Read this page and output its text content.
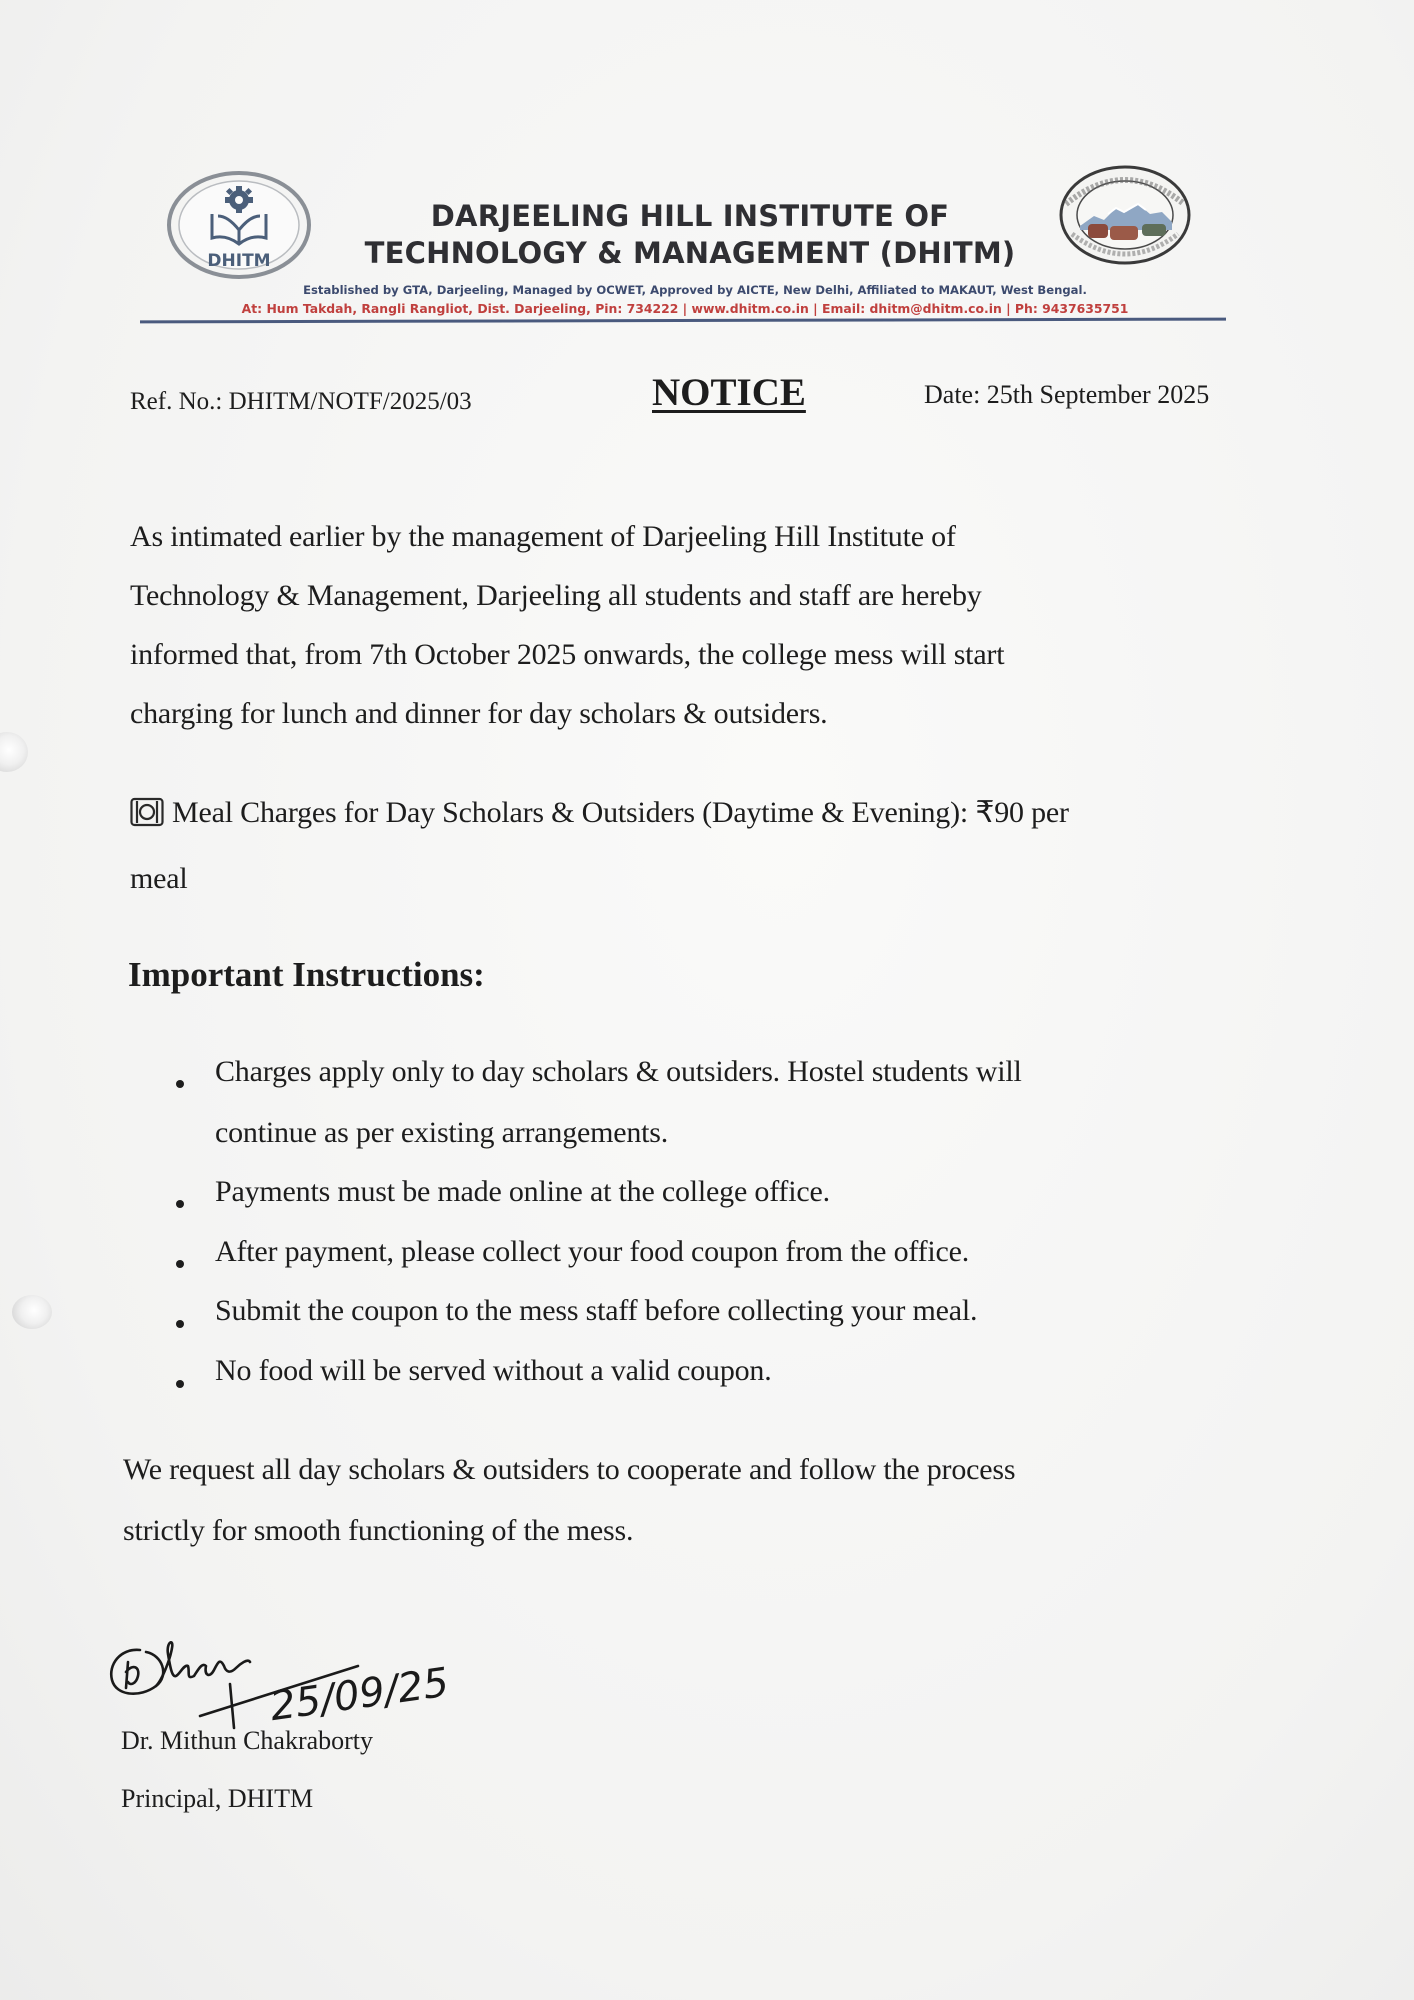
DHITM
DARJEELING HILL INSTITUTE OF
TECHNOLOGY & MANAGEMENT (DHITM)
Established by GTA, Darjeeling, Managed by OCWET, Approved by AICTE, New Delhi, Affiliated to MAKAUT, West Bengal.
At: Hum Takdah, Rangli Rangliot, Dist. Darjeeling, Pin: 734222 | www.dhitm.co.in | Email: dhitm@dhitm.co.in | Ph: 9437635751
Ref. No.: DHITM/NOTF/2025/03	NOTICE	Date: 25th September 2025
As intimated earlier by the management of Darjeeling Hill Institute of
Technology & Management, Darjeeling all students and staff are hereby
informed that, from 7th October 2025 onwards, the college mess will start
charging for lunch and dinner for day scholars & outsiders.
Meal Charges for Day Scholars & Outsiders (Daytime & Evening): ₹90 per
meal
Important Instructions:
Charges apply only to day scholars & outsiders. Hostel students will
continue as per existing arrangements.
Payments must be made online at the college office.
After payment, please collect your food coupon from the office.
Submit the coupon to the mess staff before collecting your meal.
No food will be served without a valid coupon.
We request all day scholars & outsiders to cooperate and follow the process
strictly for smooth functioning of the mess.
25/09/25
Dr. Mithun Chakraborty
Principal, DHITM
